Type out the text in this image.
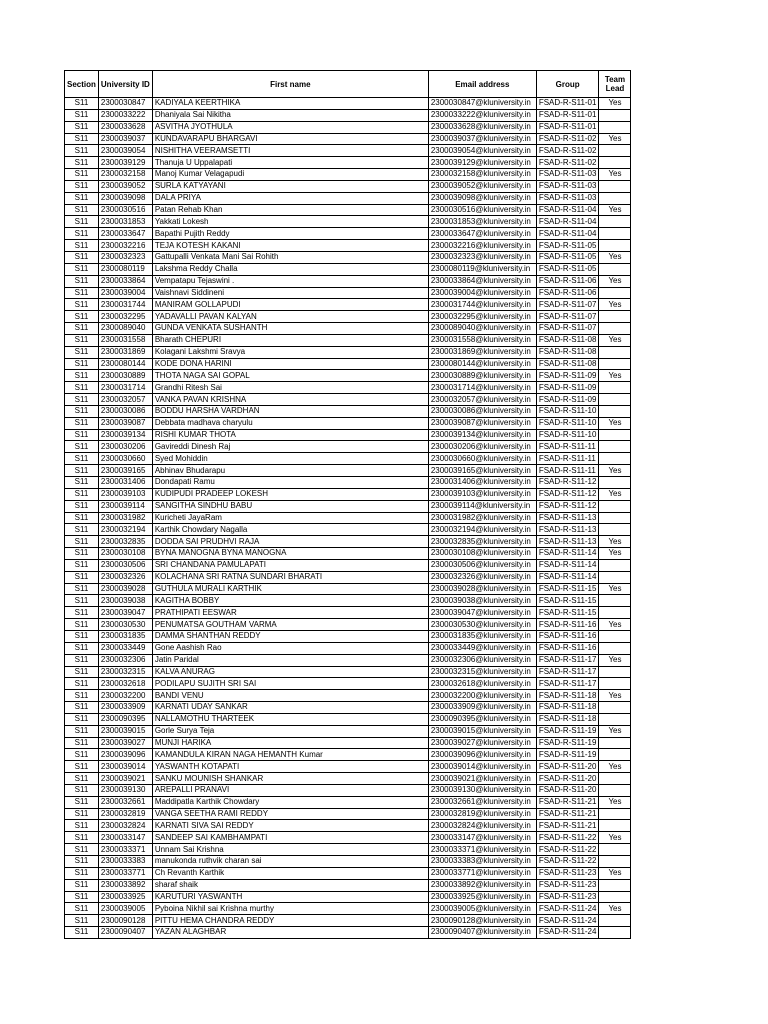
Section	University ID	First name	Email address	Group	Team Lead
S11	2300030847	KADIYALA KEERTHIKA	2300030847@kluniversity.in	FSAD-R-S11-01	Yes
S11	2300033222	Dhaniyala Sai Nikitha	2300033222@kluniversity.in	FSAD-R-S11-01	
S11	2300033628	ASVITHA JYOTHULA	2300033628@kluniversity.in	FSAD-R-S11-01	
S11	2300039037	KUNDAVARAPU BHARGAVI	2300039037@kluniversity.in	FSAD-R-S11-02	Yes
S11	2300039054	NISHITHA VEERAMSETTI	2300039054@kluniversity.in	FSAD-R-S11-02	
S11	2300039129	Thanuja U Uppalapati	2300039129@kluniversity.in	FSAD-R-S11-02	
S11	2300032158	Manoj Kumar Velagapudi	2300032158@kluniversity.in	FSAD-R-S11-03	Yes
S11	2300039052	SURLA KATYAYANI	2300039052@kluniversity.in	FSAD-R-S11-03	
S11	2300039098	DALA PRIYA	2300039098@kluniversity.in	FSAD-R-S11-03	
S11	2300030516	Patan Rehab Khan	2300030516@kluniversity.in	FSAD-R-S11-04	Yes
S11	2300031853	Yakkati Lokesh	2300031853@kluniversity.in	FSAD-R-S11-04	
S11	2300033647	Bapathi Pujith Reddy	2300033647@kluniversity.in	FSAD-R-S11-04	
S11	2300032216	TEJA KOTESH KAKANI	2300032216@kluniversity.in	FSAD-R-S11-05	
S11	2300032323	Gattupalli Venkata Mani Sai Rohith	2300032323@kluniversity.in	FSAD-R-S11-05	Yes
S11	2300080119	Lakshma Reddy Challa	2300080119@kluniversity.in	FSAD-R-S11-05	
S11	2300033864	Vempatapu Tejaswini .	2300033864@kluniversity.in	FSAD-R-S11-06	Yes
S11	2300039004	Vaishnavi Siddineni	2300039004@kluniversity.in	FSAD-R-S11-06	
S11	2300031744	MANIRAM GOLLAPUDI	2300031744@kluniversity.in	FSAD-R-S11-07	Yes
S11	2300032295	YADAVALLI PAVAN KALYAN	2300032295@kluniversity.in	FSAD-R-S11-07	
S11	2300089040	GUNDA VENKATA SUSHANTH	2300089040@kluniversity.in	FSAD-R-S11-07	
S11	2300031558	Bharath CHEPURI	2300031558@kluniversity.in	FSAD-R-S11-08	Yes
S11	2300031869	Kolagani Lakshmi Sravya	2300031869@kluniversity.in	FSAD-R-S11-08	
S11	2300080144	KODE DONA HARINI	2300080144@kluniversity.in	FSAD-R-S11-08	
S11	2300030889	THOTA NAGA SAI GOPAL	2300030889@kluniversity.in	FSAD-R-S11-09	Yes
S11	2300031714	Grandhi Ritesh Sai	2300031714@kluniversity.in	FSAD-R-S11-09	
S11	2300032057	VANKA PAVAN KRISHNA	2300032057@kluniversity.in	FSAD-R-S11-09	
S11	2300030086	BODDU HARSHA VARDHAN	2300030086@kluniversity.in	FSAD-R-S11-10	
S11	2300039087	Debbata madhava charyulu	2300039087@kluniversity.in	FSAD-R-S11-10	Yes
S11	2300039134	RISHI KUMAR THOTA	2300039134@kluniversity.in	FSAD-R-S11-10	
S11	2300030206	Gavireddi Dinesh Raj	2300030206@kluniversity.in	FSAD-R-S11-11	
S11	2300030660	Syed Mohiddin	2300030660@kluniversity.in	FSAD-R-S11-11	
S11	2300039165	Abhinav Bhudarapu	2300039165@kluniversity.in	FSAD-R-S11-11	Yes
S11	2300031406	Dondapati Ramu	2300031406@kluniversity.in	FSAD-R-S11-12	
S11	2300039103	KUDIPUDI PRADEEP LOKESH	2300039103@kluniversity.in	FSAD-R-S11-12	Yes
S11	2300039114	SANGITHA SINDHU BABU	2300039114@kluniversity.in	FSAD-R-S11-12	
S11	2300031982	Kuricheti JayaRam	2300031982@kluniversity.in	FSAD-R-S11-13	
S11	2300032194	Karthik Chowdary Nagalla	2300032194@kluniversity.in	FSAD-R-S11-13	
S11	2300032835	DODDA SAI PRUDHVI RAJA	2300032835@kluniversity.in	FSAD-R-S11-13	Yes
S11	2300030108	BYNA MANOGNA BYNA MANOGNA	2300030108@kluniversity.in	FSAD-R-S11-14	Yes
S11	2300030506	SRI CHANDANA PAMULAPATI	2300030506@kluniversity.in	FSAD-R-S11-14	
S11	2300032326	KOLACHANA SRI RATNA SUNDARI BHARATI	2300032326@kluniversity.in	FSAD-R-S11-14	
S11	2300039028	GUTHULA MURALI KARTHIK	2300039028@kluniversity.in	FSAD-R-S11-15	Yes
S11	2300039038	KAGITHA BOBBY	2300039038@kluniversity.in	FSAD-R-S11-15	
S11	2300039047	PRATHIPATI EESWAR	2300039047@kluniversity.in	FSAD-R-S11-15	
S11	2300030530	PENUMATSA GOUTHAM VARMA	2300030530@kluniversity.in	FSAD-R-S11-16	Yes
S11	2300031835	DAMMA SHANTHAN REDDY	2300031835@kluniversity.in	FSAD-R-S11-16	
S11	2300033449	Gone Aashish Rao	2300033449@kluniversity.in	FSAD-R-S11-16	
S11	2300032306	Jatin Paridal	2300032306@kluniversity.in	FSAD-R-S11-17	Yes
S11	2300032315	KALVA ANURAG	2300032315@kluniversity.in	FSAD-R-S11-17	
S11	2300032618	PODILAPU SUJITH SRI SAI	2300032618@kluniversity.in	FSAD-R-S11-17	
S11	2300032200	BANDI VENU	2300032200@kluniversity.in	FSAD-R-S11-18	Yes
S11	2300033909	KARNATI UDAY SANKAR	2300033909@kluniversity.in	FSAD-R-S11-18	
S11	2300090395	NALLAMOTHU THARTEEK	2300090395@kluniversity.in	FSAD-R-S11-18	
S11	2300039015	Gorle Surya Teja	2300039015@kluniversity.in	FSAD-R-S11-19	Yes
S11	2300039027	MUNJI HARIKA	2300039027@kluniversity.in	FSAD-R-S11-19	
S11	2300039096	KAMANDULA KIRAN NAGA HEMANTH Kumar	2300039096@kluniversity.in	FSAD-R-S11-19	
S11	2300039014	YASWANTH KOTAPATI	2300039014@kluniversity.in	FSAD-R-S11-20	Yes
S11	2300039021	SANKU MOUNISH SHANKAR	2300039021@kluniversity.in	FSAD-R-S11-20	
S11	2300039130	AREPALLI PRANAVI	2300039130@kluniversity.in	FSAD-R-S11-20	
S11	2300032661	Maddipatla Karthik Chowdary	2300032661@kluniversity.in	FSAD-R-S11-21	Yes
S11	2300032819	VANGA SEETHA RAMI REDDY	2300032819@kluniversity.in	FSAD-R-S11-21	
S11	2300032824	KARNATI SIVA SAI REDDY	2300032824@kluniversity.in	FSAD-R-S11-21	
S11	2300033147	SANDEEP SAI KAMBHAMPATI	2300033147@kluniversity.in	FSAD-R-S11-22	Yes
S11	2300033371	Unnam Sai Krishna	2300033371@kluniversity.in	FSAD-R-S11-22	
S11	2300033383	manukonda ruthvik charan sai	2300033383@kluniversity.in	FSAD-R-S11-22	
S11	2300033771	Ch Revanth Karthik	2300033771@kluniversity.in	FSAD-R-S11-23	Yes
S11	2300033892	sharaf shaik	2300033892@kluniversity.in	FSAD-R-S11-23	
S11	2300033925	KARUTURI YASWANTH	2300033925@kluniversity.in	FSAD-R-S11-23	
S11	2300039005	Pyboina Nikhil sai Krishna murthy	2300039005@kluniversity.in	FSAD-R-S11-24	Yes
S11	2300090128	PITTU HEMA CHANDRA REDDY	2300090128@kluniversity.in	FSAD-R-S11-24	
S11	2300090407	YAZAN ALAGHBAR	2300090407@kluniversity.in	FSAD-R-S11-24	
